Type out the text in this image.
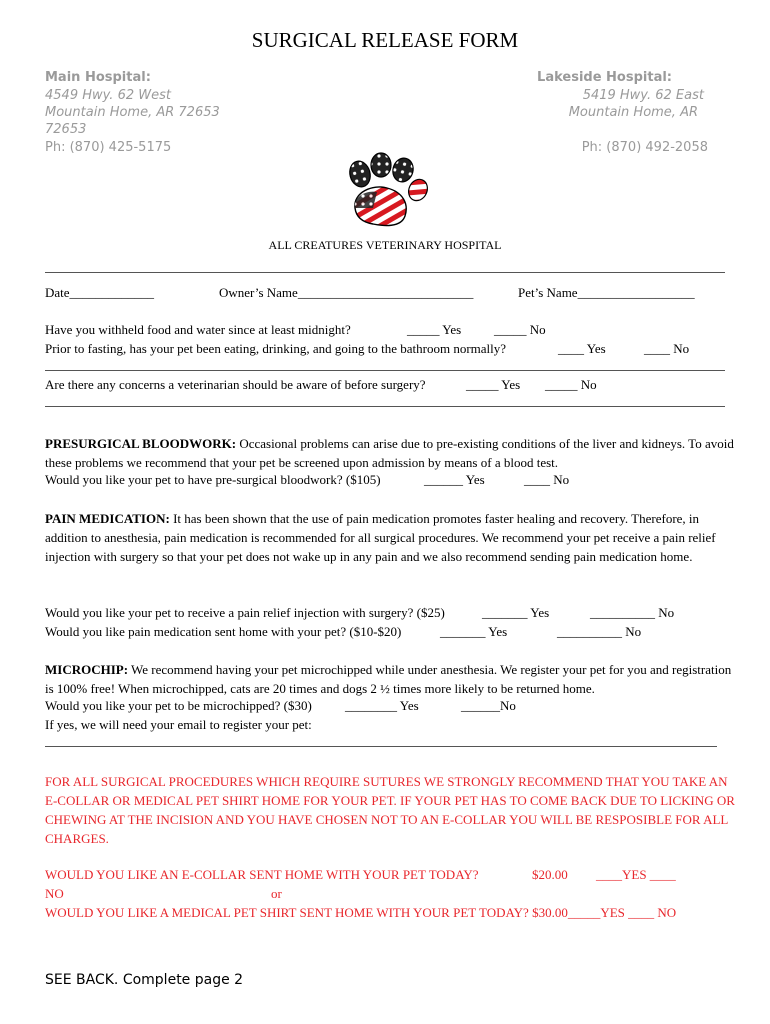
SURGICAL RELEASE FORM
Main Hospital:
4549 Hwy. 62 West
Mountain Home, AR 72653
72653
Ph: (870) 425-5175
Lakeside Hospital:
5419 Hwy. 62 East
Mountain Home, AR
Ph: (870) 492-2058
ALL CREATURES VETERINARY HOSPITAL
Date_____________	Owner’s Name___________________________	Pet’s Name__________________
Have you withheld food and water since at least midnight?	_____ Yes	_____ No
Prior to fasting, has your pet been eating, drinking, and going to the bathroom normally?	____ Yes	____ No
Are there any concerns a veterinarian should be aware of before surgery?	_____ Yes _____ No
PRESURGICAL BLOODWORK: Occasional problems can arise due to pre-existing conditions of the liver and kidneys. To avoid these problems we recommend that your pet be screened upon admission by means of a blood test.
Would you like your pet to have pre-surgical bloodwork? ($105)	______ Yes	____ No
PAIN MEDICATION: It has been shown that the use of pain medication promotes faster healing and recovery. Therefore, in addition to anesthesia, pain medication is recommended for all surgical procedures. We recommend your pet receive a pain relief injection with surgery so that your pet does not wake up in any pain and we also recommend sending pain medication home.
Would you like your pet to receive a pain relief injection with surgery? ($25)	_______ Yes	__________ No
Would you like pain medication sent home with your pet? ($10-$20)	_______ Yes	__________ No
MICROCHIP: We recommend having your pet microchipped while under anesthesia. We register your pet for you and registration is 100% free! When microchipped, cats are 20 times and dogs 2 ½ times more likely to be returned home.
Would you like your pet to be microchipped? ($30)	________ Yes	______No
If yes, we will need your email to register your pet:
FOR ALL SURGICAL PROCEDURES WHICH REQUIRE SUTURES WE STRONGLY RECOMMEND THAT YOU TAKE AN E-COLLAR OR MEDICAL PET SHIRT HOME FOR YOUR PET. IF YOUR PET HAS TO COME BACK DUE TO LICKING OR CHEWING AT THE INCISION AND YOU HAVE CHOSEN NOT TO AN E-COLLAR YOU WILL BE RESPOSIBLE FOR ALL CHARGES.
WOULD YOU LIKE AN E-COLLAR SENT HOME WITH YOUR PET TODAY?	$20.00 ____YES ____
NO	or
WOULD YOU LIKE A MEDICAL PET SHIRT SENT HOME WITH YOUR PET TODAY? $30.00_____YES ____ NO
SEE BACK. Complete page 2
